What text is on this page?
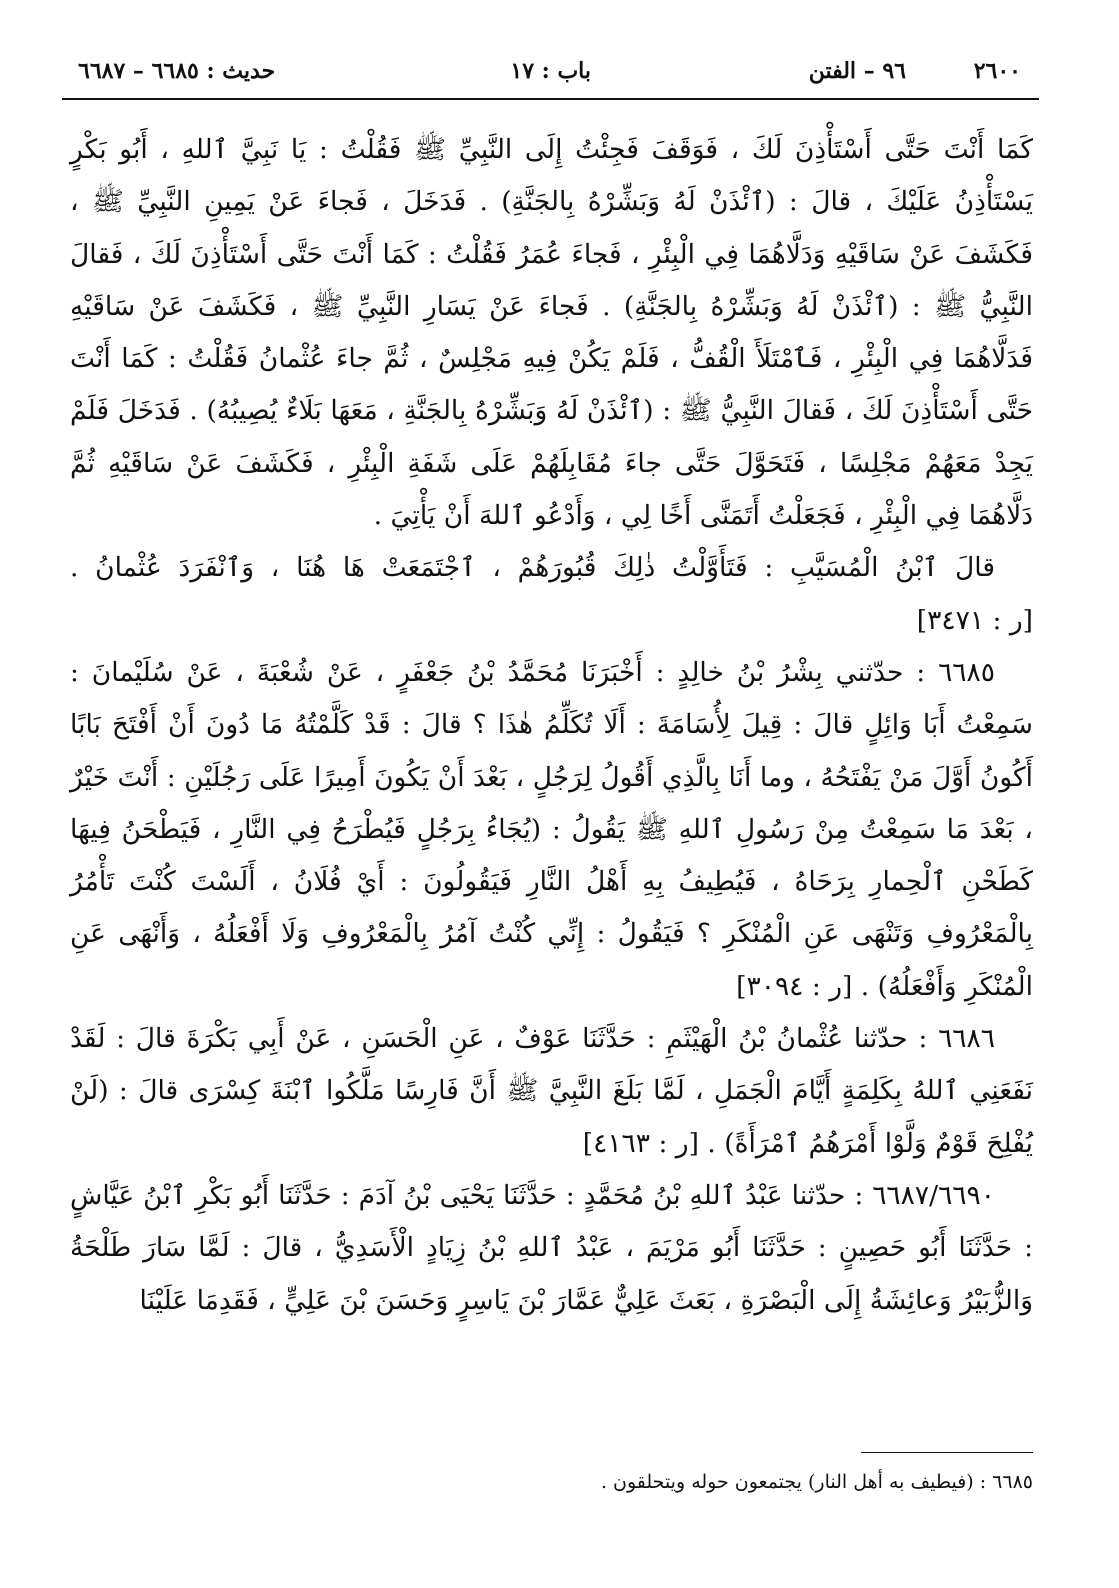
٢٦٠٠
٩٦ – الفتن
باب : ١٧
حديث : ٦٦٨٥ – ٦٦٨٧

كَمَا أَنْتَ حَتَّى أَسْتَأْذِنَ لَكَ ، فَوَقَفَ فَجِئْتُ إِلَى النَّبِيِّ ﷺ فَقُلْتُ : يَا نَبِيَّ ٱللهِ ، أَبُو بَكْرٍ يَسْتَأْذِنُ عَلَيْكَ ، قالَ : (ٱئْذَنْ لَهُ وَبَشِّرْهُ بِالجَنَّةِ) . فَدَخَلَ ، فَجاءَ عَنْ يَمِينِ النَّبِيِّ ﷺ ، فَكَشَفَ عَنْ سَاقَيْهِ وَدَلَّاهُمَا فِي الْبِئْرِ ، فَجاءَ عُمَرُ فَقُلْتُ : كَمَا أَنْتَ حَتَّى أَسْتَأْذِنَ لَكَ ، فَقالَ النَّبِيُّ ﷺ : (ٱئْذَنْ لَهُ وَبَشِّرْهُ بِالجَنَّةِ) . فَجاءَ عَنْ يَسَارِ النَّبِيِّ ﷺ ، فَكَشَفَ عَنْ سَاقَيْهِ فَدَلَّاهُمَا فِي الْبِئْرِ ، فَٱمْتَلَأَ الْقُفُّ ، فَلَمْ يَكُنْ فِيهِ مَجْلِسٌ ، ثُمَّ جاءَ عُثْمانُ فَقُلْتُ : كَمَا أَنْتَ حَتَّى أَسْتَأْذِنَ لَكَ ، فَقالَ النَّبِيُّ ﷺ : (ٱئْذَنْ لَهُ وَبَشِّرْهُ بِالجَنَّةِ ، مَعَهَا بَلَاءٌ يُصِيبُهُ) . فَدَخَلَ فَلَمْ يَجِدْ مَعَهُمْ مَجْلِسًا ، فَتَحَوَّلَ حَتَّى جاءَ مُقَابِلَهُمْ عَلَى شَفَةِ الْبِئْرِ ، فَكَشَفَ عَنْ سَاقَيْهِ ثُمَّ دَلَّاهُمَا فِي الْبِئْرِ ، فَجَعَلْتُ أَتَمَنَّى أَخًا لِي ، وَأَدْعُو ٱللهَ أَنْ يَأْتِيَ .

قالَ ٱبْنُ الْمُسَيَّبِ : فَتَأَوَّلْتُ ذٰلِكَ قُبُورَهُمْ ، ٱجْتَمَعَتْ هَا هُنَا ، وَٱنْفَرَدَ عُثْمانُ . [ر : ٣٤٧١]

٦٦٨٥ : حدّثني بِشْرُ بْنُ خالِدٍ : أَخْبَرَنَا مُحَمَّدُ بْنُ جَعْفَرٍ ، عَنْ شُعْبَةَ ، عَنْ سُلَيْمانَ : سَمِعْتُ أَبَا وَائِلٍ قالَ : قِيلَ لِأُسَامَةَ : أَلَا تُكَلِّمُ هٰذَا ؟ قالَ : قَدْ كَلَّمْتُهُ مَا دُونَ أَنْ أَفْتَحَ بَابًا أَكُونُ أَوَّلَ مَنْ يَفْتَحُهُ ، وما أَنَا بِالَّذِي أَقُولُ لِرَجُلٍ ، بَعْدَ أَنْ يَكُونَ أَمِيرًا عَلَى رَجُلَيْنِ : أَنْتَ خَيْرٌ ، بَعْدَ مَا سَمِعْتُ مِنْ رَسُولِ ٱللهِ ﷺ يَقُولُ : (يُجَاءُ بِرَجُلٍ فَيُطْرَحُ فِي النَّارِ ، فَيَطْحَنُ فِيهَا كَطَحْنِ ٱلْحِمارِ بِرَحَاهُ ، فَيُطِيفُ بِهِ أَهْلُ النَّارِ فَيَقُولُونَ : أَيْ فُلَانُ ، أَلَسْتَ كُنْتَ تَأْمُرُ بِالْمَعْرُوفِ وَتَنْهَى عَنِ الْمُنْكَرِ ؟ فَيَقُولُ : إِنِّي كُنْتُ آمُرُ بِالْمَعْرُوفِ وَلَا أَفْعَلُهُ ، وَأَنْهَى عَنِ الْمُنْكَرِ وَأَفْعَلُهُ) . [ر : ٣٠٩٤]

٦٦٨٦ : حدّثنا عُثْمانُ بْنُ الْهَيْثَمِ : حَدَّثَنَا عَوْفٌ ، عَنِ الْحَسَنِ ، عَنْ أَبِي بَكْرَةَ قالَ : لَقَدْ نَفَعَنِي ٱللهُ بِكَلِمَةٍ أَيَّامَ الْجَمَلِ ، لَمَّا بَلَغَ النَّبِيَّ ﷺ أَنَّ فَارِسًا مَلَّكُوا ٱبْنَةَ كِسْرَى قالَ : (لَنْ يُفْلِحَ قَوْمٌ وَلَّوْا أَمْرَهُمُ ٱمْرَأَةً) . [ر : ٤١٦٣]

٦٦٨٧/٦٦٩٠ : حدّثنا عَبْدُ ٱللهِ بْنُ مُحَمَّدٍ : حَدَّثَنَا يَحْيَى بْنُ آدَمَ : حَدَّثَنَا أَبُو بَكْرِ ٱبْنُ عَيَّاشٍ : حَدَّثَنَا أَبُو حَصِينٍ : حَدَّثَنَا أَبُو مَرْيَمَ ، عَبْدُ ٱللهِ بْنُ زِيَادٍ الْأَسَدِيُّ ، قالَ : لَمَّا سَارَ طَلْحَةُ وَالزُّبَيْرُ وَعائِشَةُ إِلَى الْبَصْرَةِ ، بَعَثَ عَلِيٌّ عَمَّارَ بْنَ يَاسِرٍ وَحَسَنَ بْنَ عَلِيٍّ ، فَقَدِمَا عَلَيْنَا

٦٦٨٥ : (فيطيف به أهل النار) يجتمعون حوله ويتحلقون .
